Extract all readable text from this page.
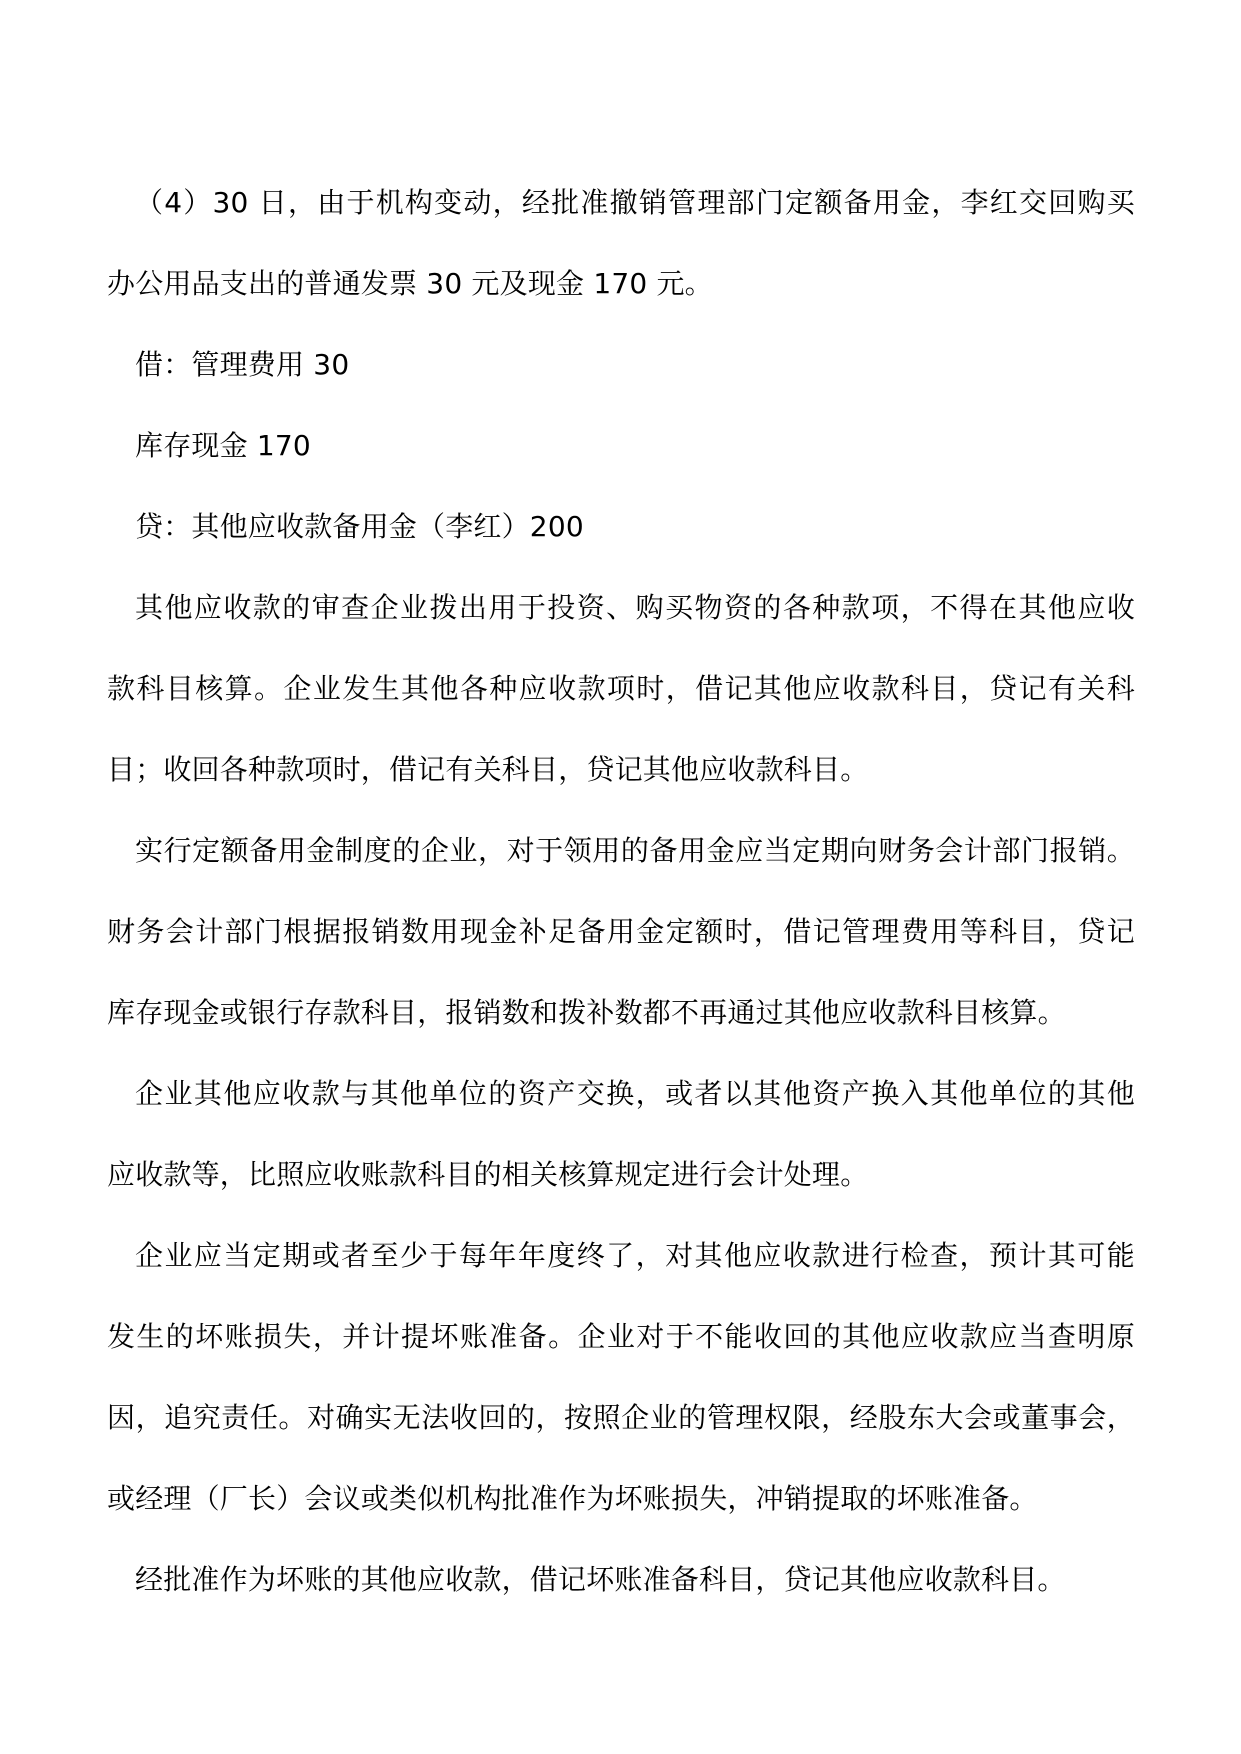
（4）30 日，由于机构变动，经批准撤销管理部门定额备用金，李红交回购买
办公用品支出的普通发票 30 元及现金 170 元。
借：管理费用 30
库存现金 170
贷：其他应收款备用金（李红）200
其他应收款的审查企业拨出用于投资、购买物资的各种款项，不得在其他应收
款科目核算。企业发生其他各种应收款项时，借记其他应收款科目，贷记有关科
目；收回各种款项时，借记有关科目，贷记其他应收款科目。
实行定额备用金制度的企业，对于领用的备用金应当定期向财务会计部门报销。
财务会计部门根据报销数用现金补足备用金定额时，借记管理费用等科目，贷记
库存现金或银行存款科目，报销数和拨补数都不再通过其他应收款科目核算。
企业其他应收款与其他单位的资产交换，或者以其他资产换入其他单位的其他
应收款等，比照应收账款科目的相关核算规定进行会计处理。
企业应当定期或者至少于每年年度终了，对其他应收款进行检查，预计其可能
发生的坏账损失，并计提坏账准备。企业对于不能收回的其他应收款应当查明原
因，追究责任。对确实无法收回的，按照企业的管理权限，经股东大会或董事会，
或经理（厂长）会议或类似机构批准作为坏账损失，冲销提取的坏账准备。
经批准作为坏账的其他应收款，借记坏账准备科目，贷记其他应收款科目。
